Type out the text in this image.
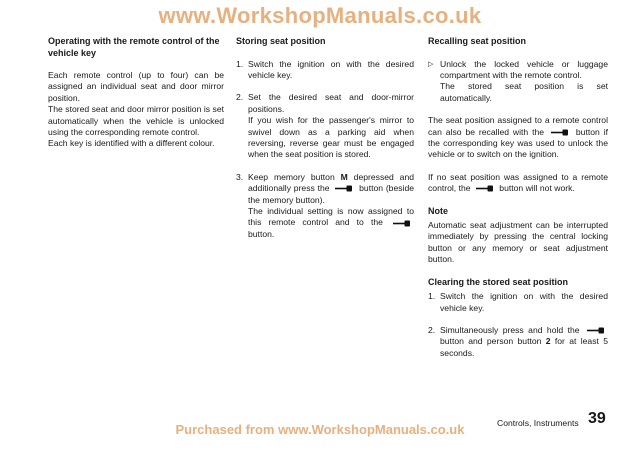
www.WorkshopManuals.co.uk
Operating with the remote control of the vehicle key

Each remote control (up to four) can be assigned an individual seat and door mirror position.

The stored seat and door mirror position is set automatically when the vehicle is unlocked using the corresponding remote control.

Each key is identified with a different colour.

Storing seat position
1. Switch the ignition on with the desired vehicle key.
2. Set the desired seat and door-mirror positions.
If you wish for the passenger's mirror to swivel down as a parking aid when reversing, reverse gear must be engaged when the seat position is stored.
3. Keep memory button M depressed and additionally press the	button (beside the memory button).
The individual setting is now assigned to this remote control and to the
button.
Recalling seat position
▷ Unlock the locked vehicle or luggage compartment with the remote control.
The stored seat position is set automatically.

The seat position assigned to a remote control can also be recalled with the	button if the corresponding key was used to unlock the vehicle or to switch on the ignition.

If no seat position was assigned to a remote control, the	button will not work.

Note

Automatic seat adjustment can be interrupted immediately by pressing the central locking button or any memory or seat adjustment button.

Clearing the stored seat position
1. Switch the ignition on with the desired vehicle key.
2. Simultaneously press and hold the
button and person button 2 for at least 5 seconds.
Controls, Instruments 39
Purchased from www.WorkshopManuals.co.uk
